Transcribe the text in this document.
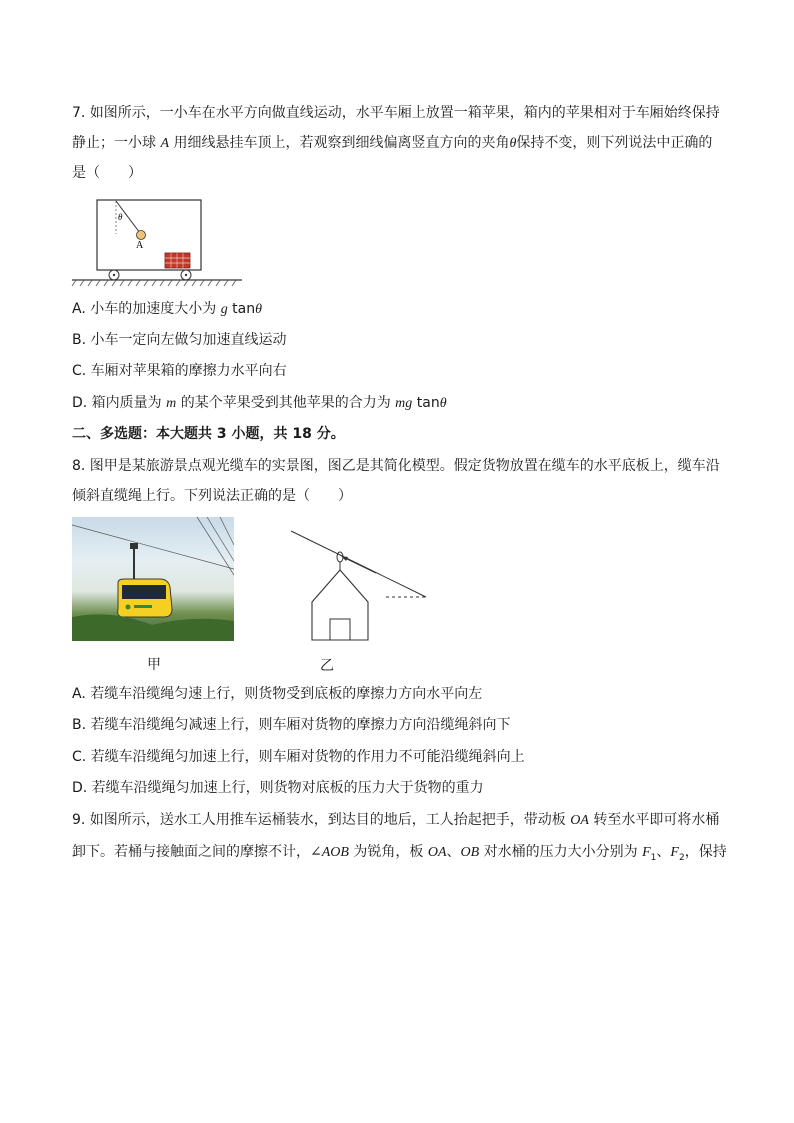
7. 如图所示，一小车在水平方向做直线运动，水平车厢上放置一箱苹果，箱内的苹果相对于车厢始终保持
静止；一小球 A 用细线悬挂车顶上，若观察到细线偏离竖直方向的夹角θ保持不变，则下列说法中正确的
是（　　）
θ
A
A. 小车的加速度大小为 g tanθ
B. 小车一定向左做匀加速直线运动
C. 车厢对苹果箱的摩擦力水平向右
D. 箱内质量为 m 的某个苹果受到其他苹果的合力为 mg tanθ
二、多选题：本大题共 3 小题，共 18 分。
8. 图甲是某旅游景点观光缆车的实景图，图乙是其简化模型。假定货物放置在缆车的水平底板上，缆车沿
倾斜直缆绳上行。下列说法正确的是（　　）
甲	乙
A. 若缆车沿缆绳匀速上行，则货物受到底板的摩擦力方向水平向左
B. 若缆车沿缆绳匀减速上行，则车厢对货物的摩擦力方向沿缆绳斜向下
C. 若缆车沿缆绳匀加速上行，则车厢对货物的作用力不可能沿缆绳斜向上
D. 若缆车沿缆绳匀加速上行，则货物对底板的压力大于货物的重力
9. 如图所示，送水工人用推车运桶装水，到达目的地后，工人抬起把手，带动板 OA 转至水平即可将水桶
卸下。若桶与接触面之间的摩擦不计，∠AOB 为锐角，板 OA、OB 对水桶的压力大小分别为 $F_1$、$F_2$，保持
